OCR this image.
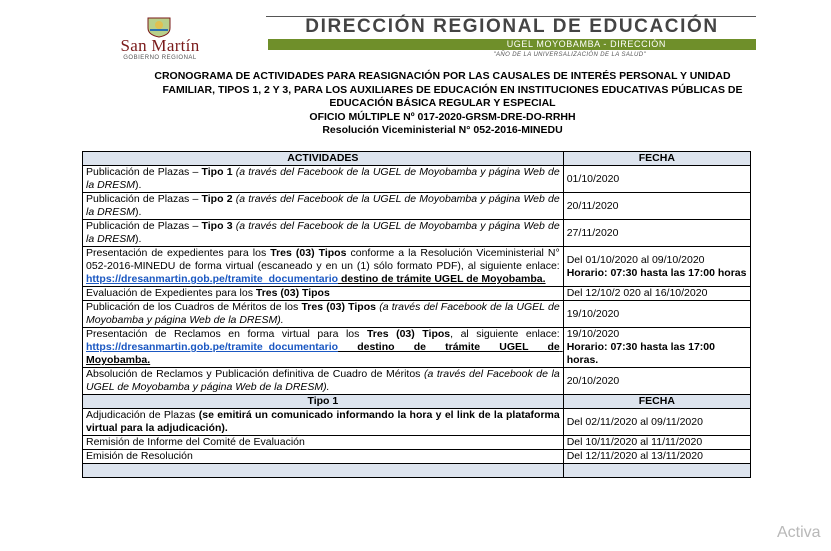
San Martín
GOBIERNO REGIONAL
DIRECCIÓN REGIONAL DE EDUCACIÓN
UGEL MOYOBAMBA - DIRECCIÓN
"AÑO DE LA UNIVERSALIZACIÓN DE LA SALUD"
CRONOGRAMA DE ACTIVIDADES PARA REASIGNACIÓN POR LAS CAUSALES DE INTERÉS PERSONAL Y UNIDAD
FAMILIAR, TIPOS 1, 2 Y 3, PARA LOS AUXILIARES DE EDUCACIÓN EN INSTITUCIONES EDUCATIVAS PÚBLICAS DE
EDUCACIÓN BÁSICA REGULAR Y ESPECIAL
OFICIO MÚLTIPLE Nº 017-2020-GRSM-DRE-DO-RRHH
Resolución Viceministerial N° 052-2016-MINEDU
ACTIVIDADES	FECHA
Publicación de Plazas – Tipo 1 (a través del Facebook de la UGEL de Moyobamba y página Web de la DRESM).	01/10/2020
Publicación de Plazas – Tipo 2 (a través del Facebook de la UGEL de Moyobamba y página Web de la DRESM).	20/11/2020
Publicación de Plazas – Tipo 3 (a través del Facebook de la UGEL de Moyobamba y página Web de la DRESM).	27/11/2020
Presentación de expedientes para los Tres (03) Tipos conforme a la Resolución Viceministerial N° 052-2016-MINEDU de forma virtual (escaneado y en un (1) sólo formato PDF), al siguiente enlace: https://dresanmartin.gob.pe/tramite_documentario destino de trámite UGEL de Moyobamba.	Del 01/10/2020 al 09/10/2020
Horario: 07:30 hasta las 17:00 horas

Evaluación de Expedientes para los Tres (03) Tipos	Del 12/10/2 020 al 16/10/2020
Publicación de los Cuadros de Méritos de los Tres (03) Tipos (a través del Facebook de la UGEL de Moyobamba y página Web de la DRESM).	19/10/2020
Presentación de Reclamos en forma virtual para los Tres (03) Tipos, al siguiente enlace: https://dresanmartin.gob.pe/tramite_documentario  destino  de  trámite  UGEL  de Moyobamba.	19/10/2020
Horario: 07:30 hasta las 17:00 horas.

Absolución de Reclamos y Publicación definitiva de Cuadro de Méritos (a través del Facebook de la UGEL de Moyobamba y página Web de la DRESM).	20/10/2020
Tipo 1	FECHA
Adjudicación de Plazas (se emitirá un comunicado informando la hora y el link de la plataforma virtual para la adjudicación).	Del 02/11/2020 al 09/11/2020
Remisión de Informe del Comité de Evaluación	Del 10/11/2020 al 11/11/2020
Emisión de Resolución	Del 12/11/2020 al 13/11/2020

Activa
